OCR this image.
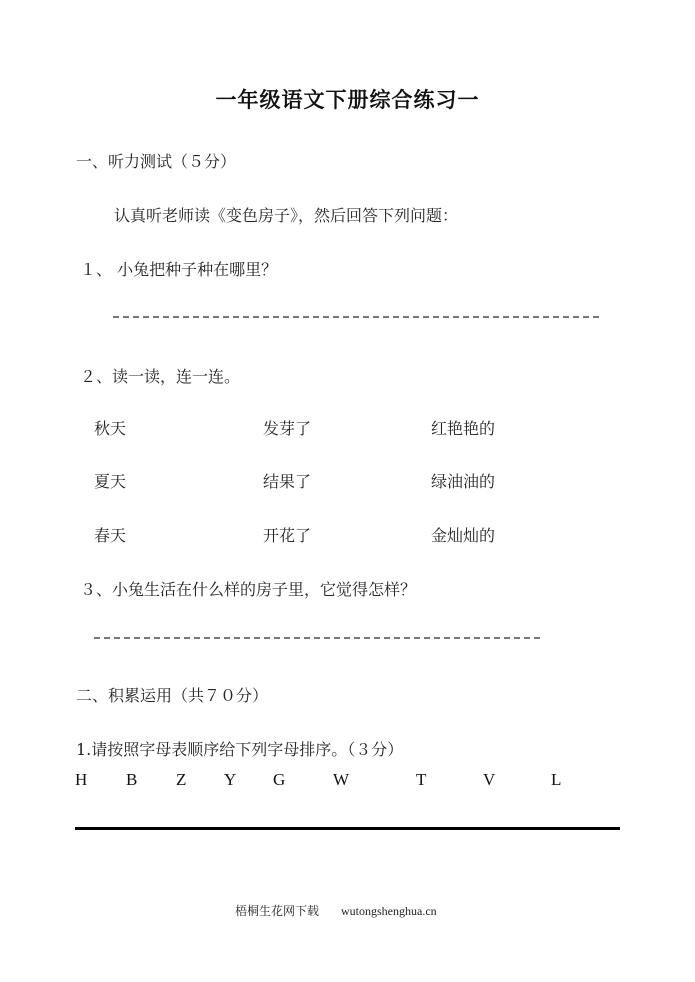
一年级语文下册综合练习一
一、听力测试（５分）
认真听老师读《变色房子》，然后回答下列问题：
１、 小兔把种子种在哪里？
２、读一读，连一连。
秋天	发芽了	红艳艳的
夏天	结果了	绿油油的
春天	开花了	金灿灿的
３、小兔生活在什么样的房子里，它觉得怎样？
二、积累运用（共７０分）
1.请按照字母表顺序给下列字母排序。（３分）
H B Z Y G	W	T	V	L
梧桐生花网下载 wutongshenghua.cn
